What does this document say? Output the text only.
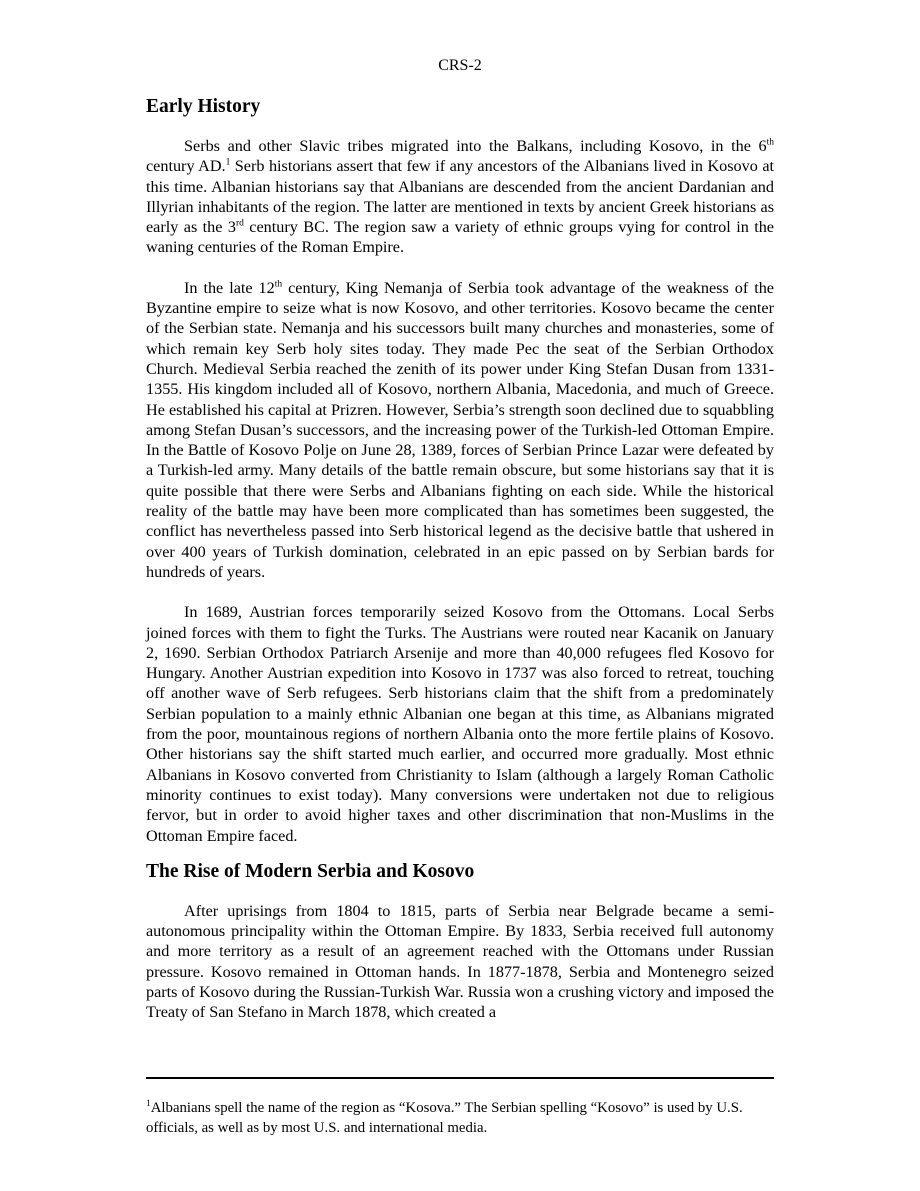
CRS-2
Early History

Serbs and other Slavic tribes migrated into the Balkans, including Kosovo, in the 6th century AD.$^1$ Serb historians assert that few if any ancestors of the Albanians lived in Kosovo at this time. Albanian historians say that Albanians are descended from the ancient Dardanian and Illyrian inhabitants of the region. The latter are mentioned in texts by ancient Greek historians as early as the 3rd century BC. The region saw a variety of ethnic groups vying for control in the waning centuries of the Roman Empire.

In the late 12th century, King Nemanja of Serbia took advantage of the weakness of the Byzantine empire to seize what is now Kosovo, and other territories. Kosovo became the center of the Serbian state. Nemanja and his successors built many churches and monasteries, some of which remain key Serb holy sites today. They made Pec the seat of the Serbian Orthodox Church. Medieval Serbia reached the zenith of its power under King Stefan Dusan from 1331-1355. His kingdom included all of Kosovo, northern Albania, Macedonia, and much of Greece. He established his capital at Prizren. However, Serbia’s strength soon declined due to squabbling among Stefan Dusan’s successors, and the increasing power of the Turkish-led Ottoman Empire. In the Battle of Kosovo Polje on June 28, 1389, forces of Serbian Prince Lazar were defeated by a Turkish-led army. Many details of the battle remain obscure, but some historians say that it is quite possible that there were Serbs and Albanians fighting on each side. While the historical reality of the battle may have been more complicated than has sometimes been suggested, the conflict has nevertheless passed into Serb historical legend as the decisive battle that ushered in over 400 years of Turkish domination, celebrated in an epic passed on by Serbian bards for hundreds of years.

In 1689, Austrian forces temporarily seized Kosovo from the Ottomans. Local Serbs joined forces with them to fight the Turks. The Austrians were routed near Kacanik on January 2, 1690. Serbian Orthodox Patriarch Arsenije and more than 40,000 refugees fled Kosovo for Hungary. Another Austrian expedition into Kosovo in 1737 was also forced to retreat, touching off another wave of Serb refugees. Serb historians claim that the shift from a predominately Serbian population to a mainly ethnic Albanian one began at this time, as Albanians migrated from the poor, mountainous regions of northern Albania onto the more fertile plains of Kosovo. Other historians say the shift started much earlier, and occurred more gradually. Most ethnic Albanians in Kosovo converted from Christianity to Islam (although a largely Roman Catholic minority continues to exist today). Many conversions were undertaken not due to religious fervor, but in order to avoid higher taxes and other discrimination that non-Muslims in the Ottoman Empire faced.

The Rise of Modern Serbia and Kosovo

After uprisings from 1804 to 1815, parts of Serbia near Belgrade became a semi-autonomous principality within the Ottoman Empire. By 1833, Serbia received full autonomy and more territory as a result of an agreement reached with the Ottomans under Russian pressure. Kosovo remained in Ottoman hands. In 1877-1878, Serbia and Montenegro seized parts of Kosovo during the Russian-Turkish War. Russia won a crushing victory and imposed the Treaty of San Stefano in March 1878, which created a

$^1$Albanians spell the name of the region as “Kosova.” The Serbian spelling “Kosovo” is used by U.S. officials, as well as by most U.S. and international media.
